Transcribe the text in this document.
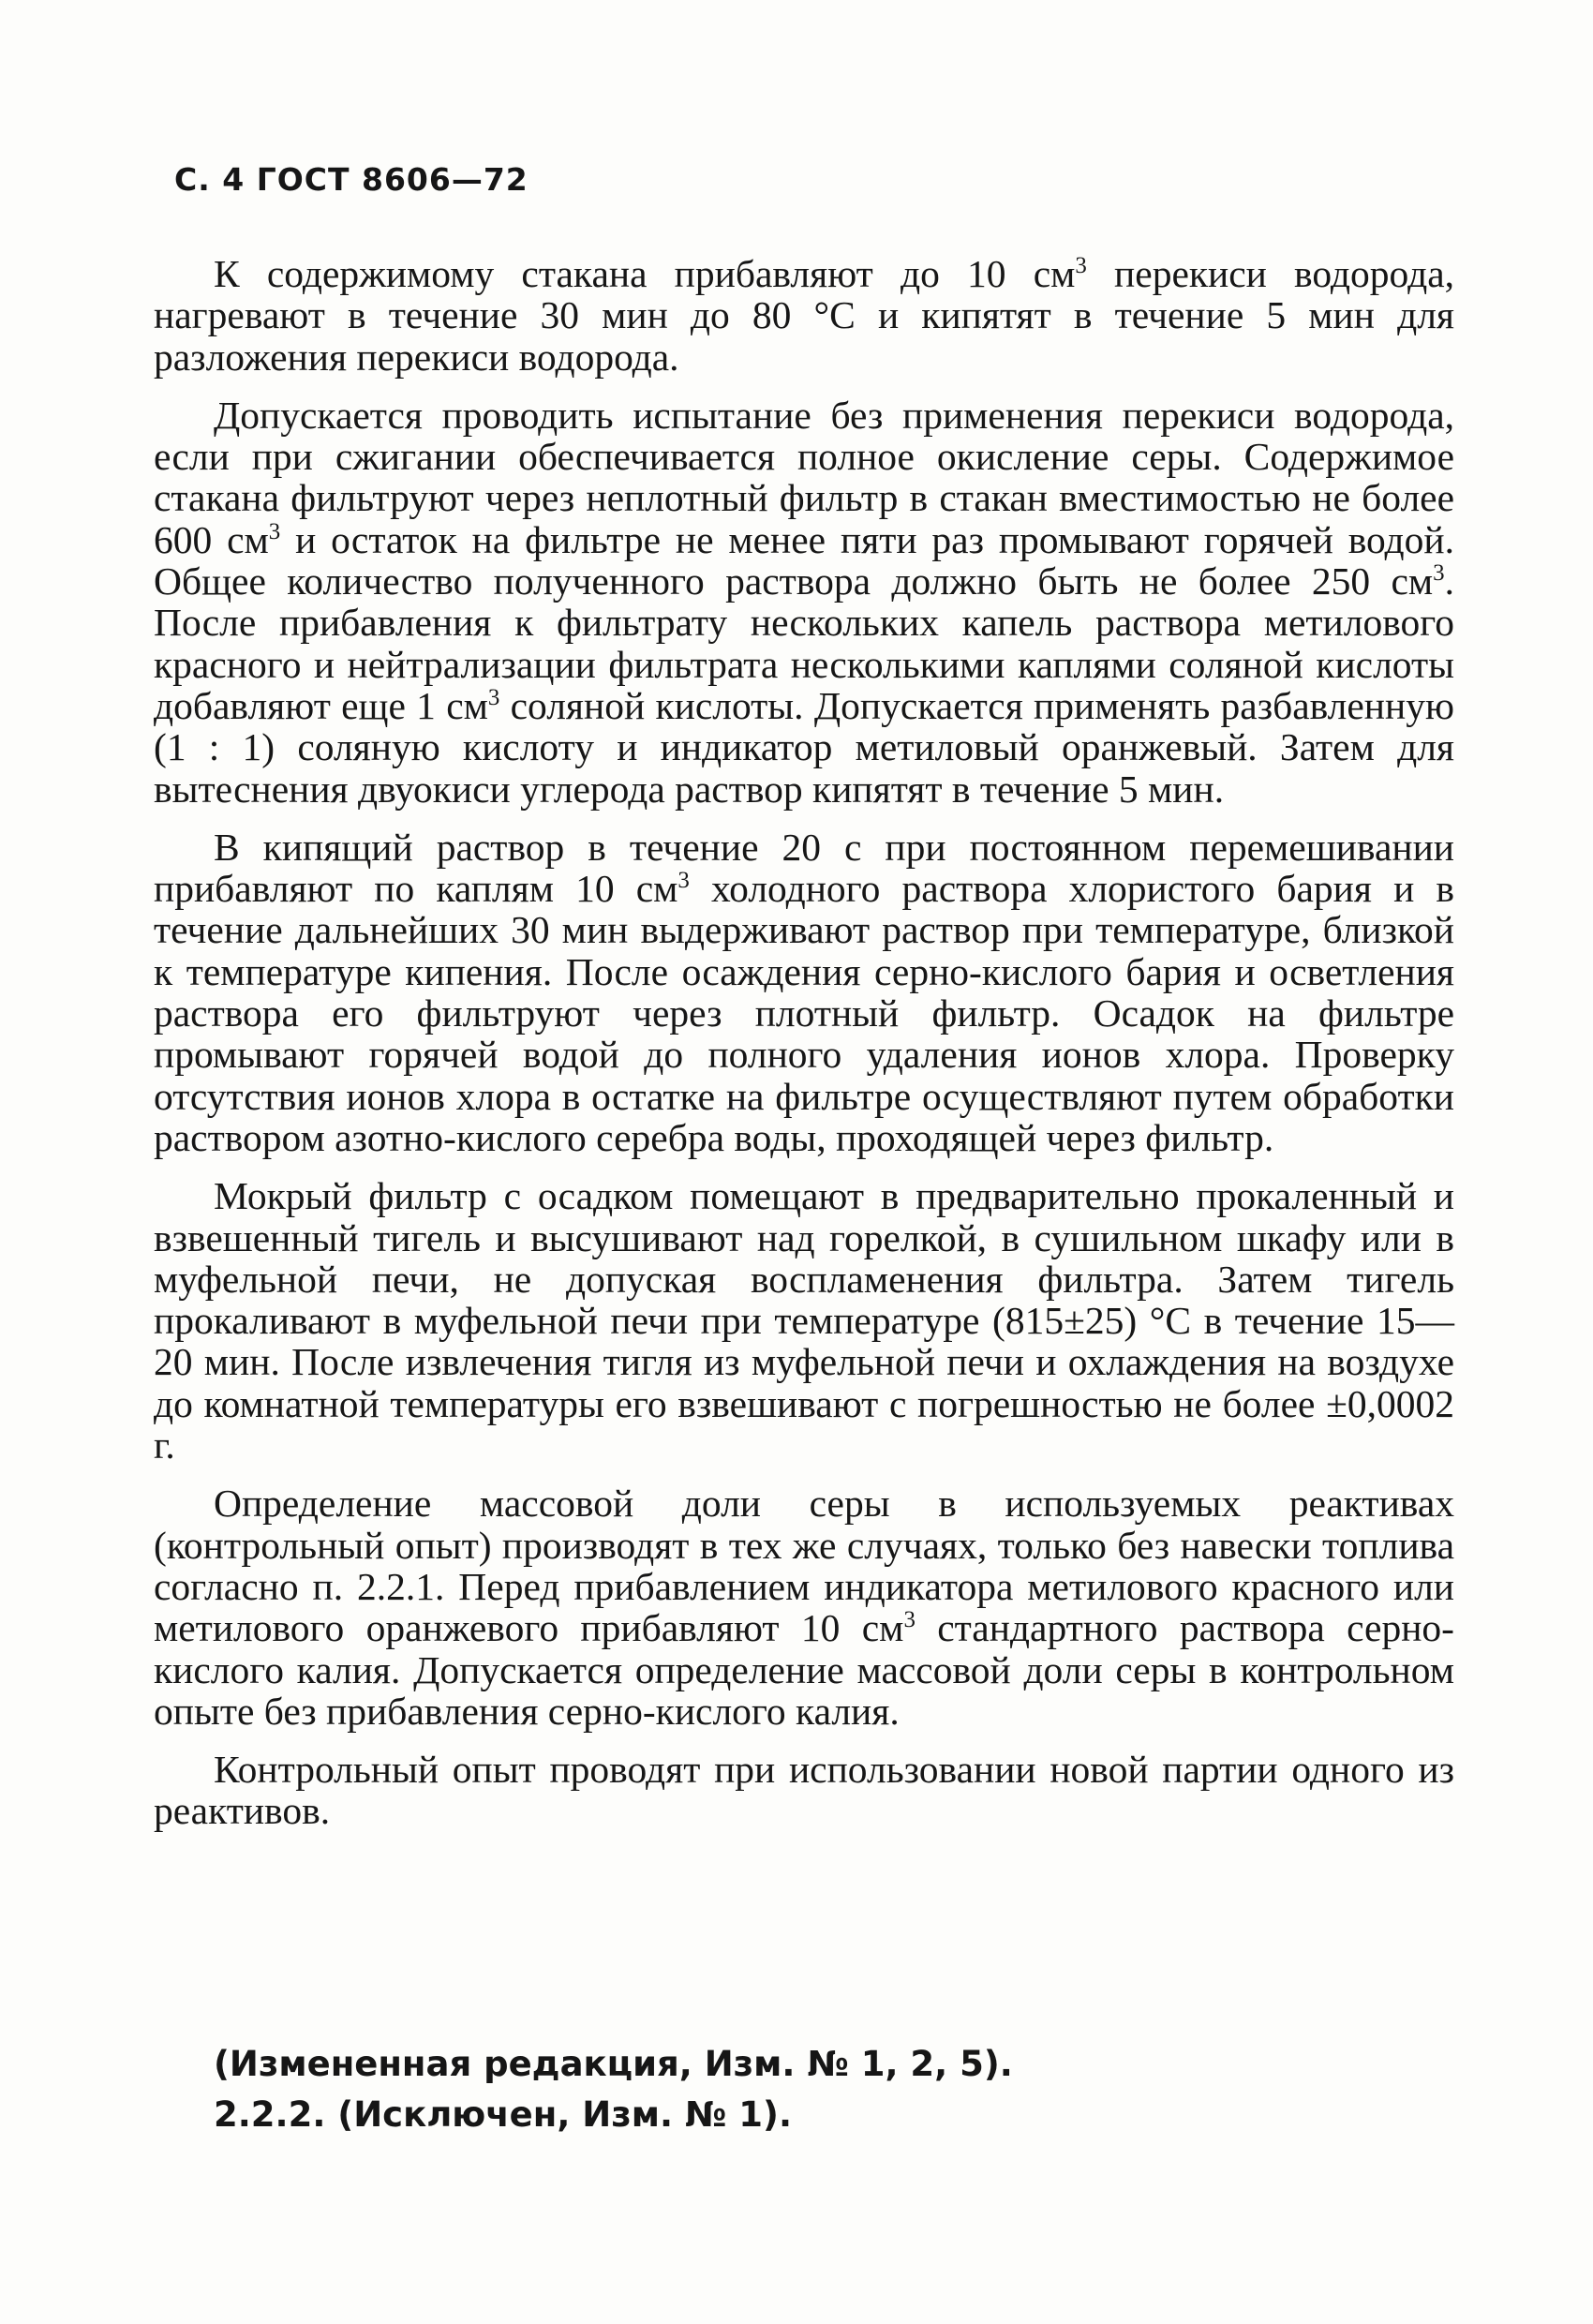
С. 4 ГОСТ 8606—72

К содержимому стакана прибавляют до 10 $см^3$ перекиси водорода, нагревают в течение 30 мин до 80 °С и кипятят в течение 5 мин для разложения перекиси водорода.

Допускается проводить испытание без применения перекиси водорода, если при сжигании обеспечивается полное окисление серы. Содержимое стакана фильтруют через неплотный фильтр в стакан вместимостью не более 600 $см^3$ и остаток на фильтре не менее пяти раз промывают горячей водой. Общее количество полученного раствора должно быть не более 250 $см^3$. После прибавления к фильтрату нескольких капель раствора метилового красного и нейтрализации фильтрата несколькими каплями соляной кислоты добавляют еще 1 $см^3$ соляной кислоты. Допускается применять разбавленную (1 : 1) соляную кислоту и индикатор метиловый оранжевый. Затем для вытеснения двуокиси углерода раствор кипятят в течение 5 мин.

В кипящий раствор в течение 20 с при постоянном перемешивании прибавляют по каплям 10 $см^3$ холодного раствора хлористого бария и в течение дальнейших 30 мин выдерживают раствор при температуре, близкой к температуре кипения. После осаждения серно-кислого бария и осветления раствора его фильтруют через плотный фильтр. Осадок на фильтре промывают горячей водой до полного удаления ионов хлора. Проверку отсутствия ионов хлора в остатке на фильтре осуществляют путем обработки раствором азотно-кислого серебра воды, проходящей через фильтр.

Мокрый фильтр с осадком помещают в предварительно прокаленный и взвешенный тигель и высушивают над горелкой, в сушильном шкафу или в муфельной печи, не допуская воспламенения фильтра. Затем тигель прокаливают в муфельной печи при температуре (815±25) °С в течение 15—20 мин. После извлечения тигля из муфельной печи и охлаждения на воздухе до комнатной температуры его взвешивают с погрешностью не более ±0,0002 г.

Определение массовой доли серы в используемых реактивах (контрольный опыт) производят в тех же случаях, только без навески топлива согласно п. 2.2.1. Перед прибавлением индикатора метилового красного или метилового оранжевого прибавляют 10 $см^3$ стандартного раствора серно-кислого калия. Допускается определение массовой доли серы в контрольном опыте без прибавления серно-кислого калия.

Контрольный опыт проводят при использовании новой партии одного из реактивов.

(Измененная редакция, Изм. № 1, 2, 5).

2.2.2. (Исключен, Изм. № 1).
